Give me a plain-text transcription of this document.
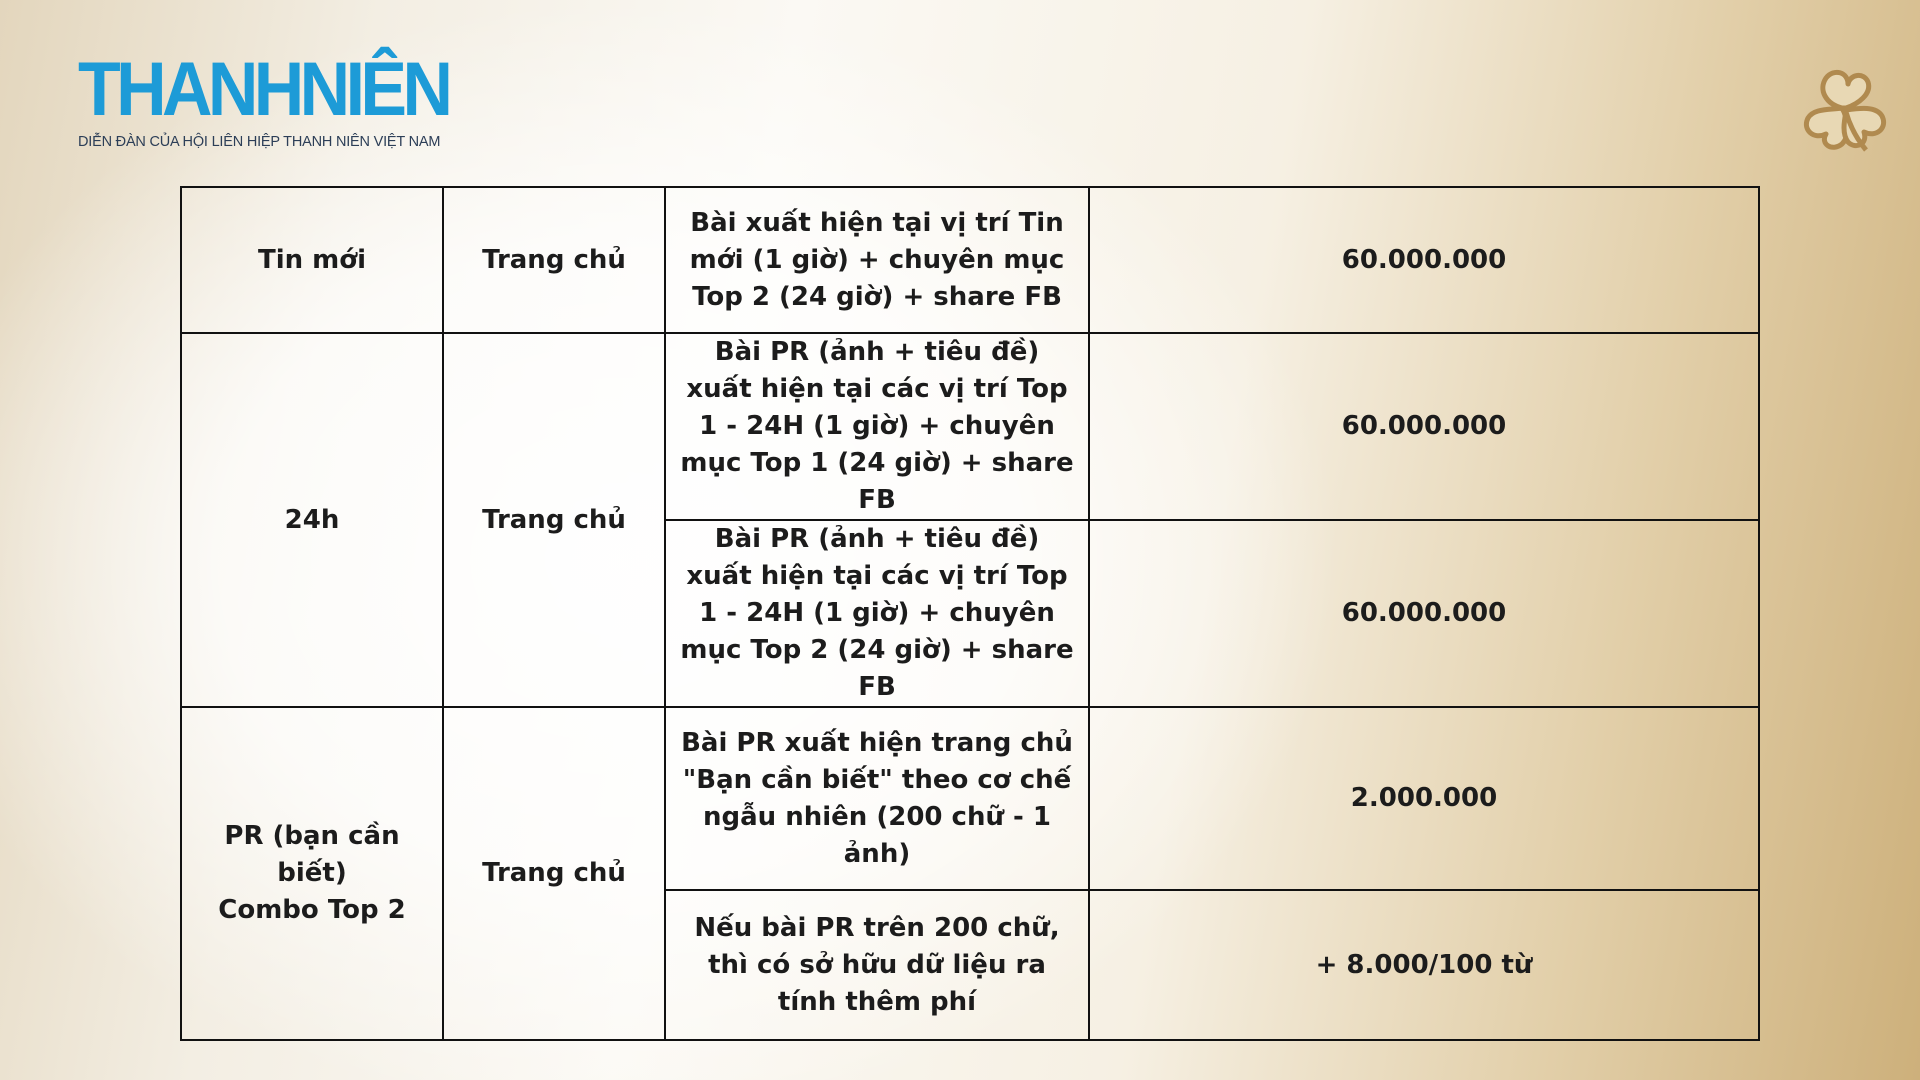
THANHNIÊN
DIỄN ĐÀN CỦA HỘI LIÊN HIỆP THANH NIÊN VIỆT NAM
Tin mới	Trang chủ	Bài xuất hiện tại vị trí Tin mới (1 giờ) + chuyên mục Top 2 (24 giờ) + share FB	60.000.000
24h	Trang chủ	Bài PR (ảnh + tiêu đề) xuất hiện tại các vị trí Top 1 - 24H (1 giờ) + chuyên mục Top 1 (24 giờ) + share FB	60.000.000
		Bài PR (ảnh + tiêu đề) xuất hiện tại các vị trí Top 1 - 24H (1 giờ) + chuyên mục Top 2 (24 giờ) + share FB	60.000.000
PR (bạn cần biết)
Combo Top 2	Trang chủ	Bài PR xuất hiện trang chủ "Bạn cần biết" theo cơ chế ngẫu nhiên (200 chữ - 1 ảnh)	2.000.000
		Nếu bài PR trên 200 chữ, thì có sở hữu dữ liệu ra tính thêm phí	+ 8.000/100 từ
